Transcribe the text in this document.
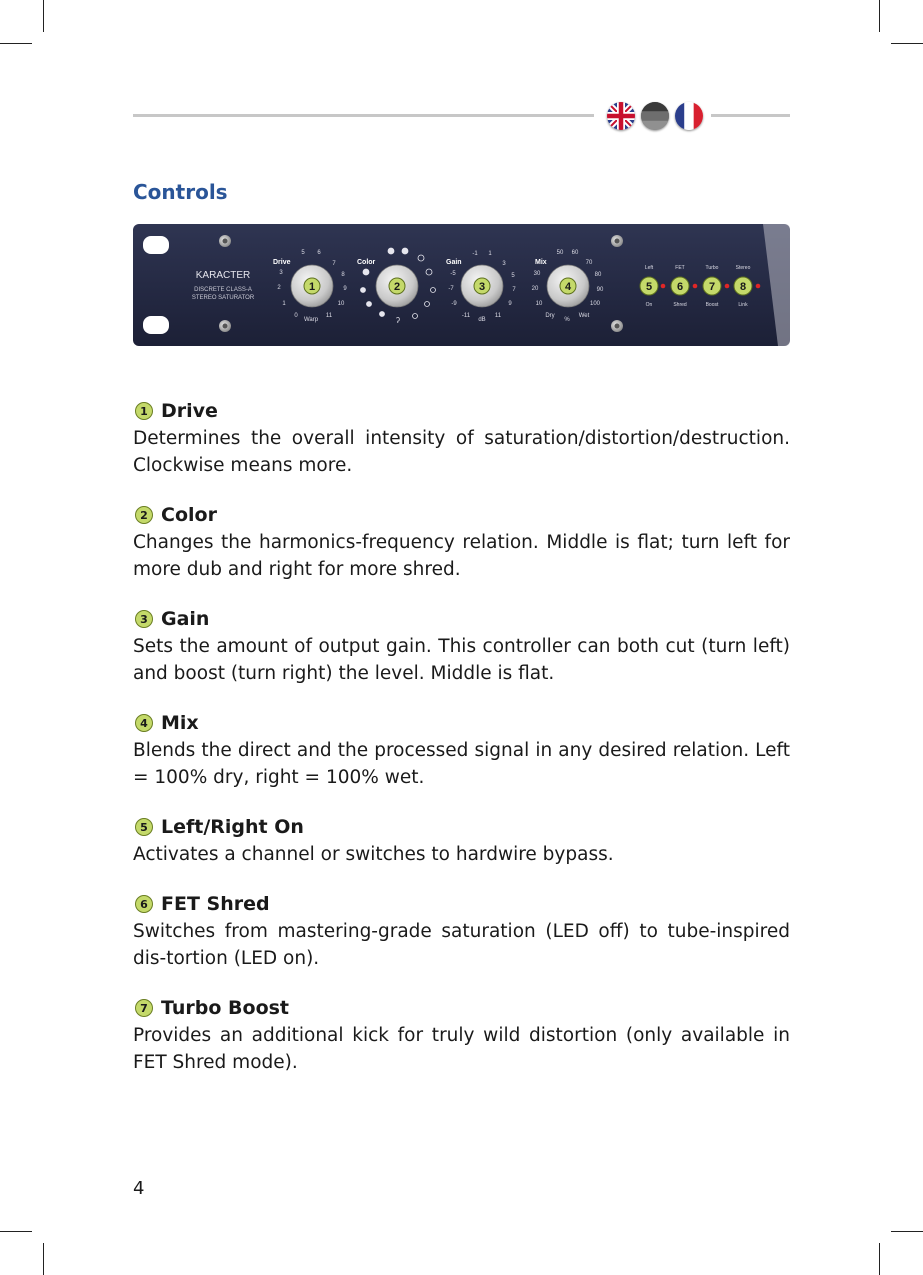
Controls
KARACTER
DISCRETE CLASS-A
STEREO SATURATOR
Drive	Color	Gain	Mix
0
1
2
3
5 6
7
8
9
10
11
Warp	ʔ	-11
-9
-7
-5
-1 1
3
5
7
9
11
dB
10
20
30
50 60
70
80
90
100
Dry	Wet
%
1	2	3	4
Left	FET	Turbo	Stereo
On	Shred	Boost	Link
5 6 7 8
1 Drive
Determines the overall intensity of saturation/distortion/destruction. Clockwise means more.
2 Color
Changes the harmonics-frequency relation. Middle is flat; turn left for more dub and right for more shred.
3 Gain
Sets the amount of output gain. This controller can both cut (turn left) and boost (turn right) the level. Middle is flat.
4 Mix
Blends the direct and the processed signal in any desired relation. Left = 100% dry, right = 100% wet.
5 Left/Right On
Activates a channel or switches to hardwire bypass.
6 FET Shred
Switches from mastering-grade saturation (LED off) to tube-inspired dis-tortion (LED on).
7 Turbo Boost
Provides an additional kick for truly wild distortion (only available in FET Shred mode).
4
